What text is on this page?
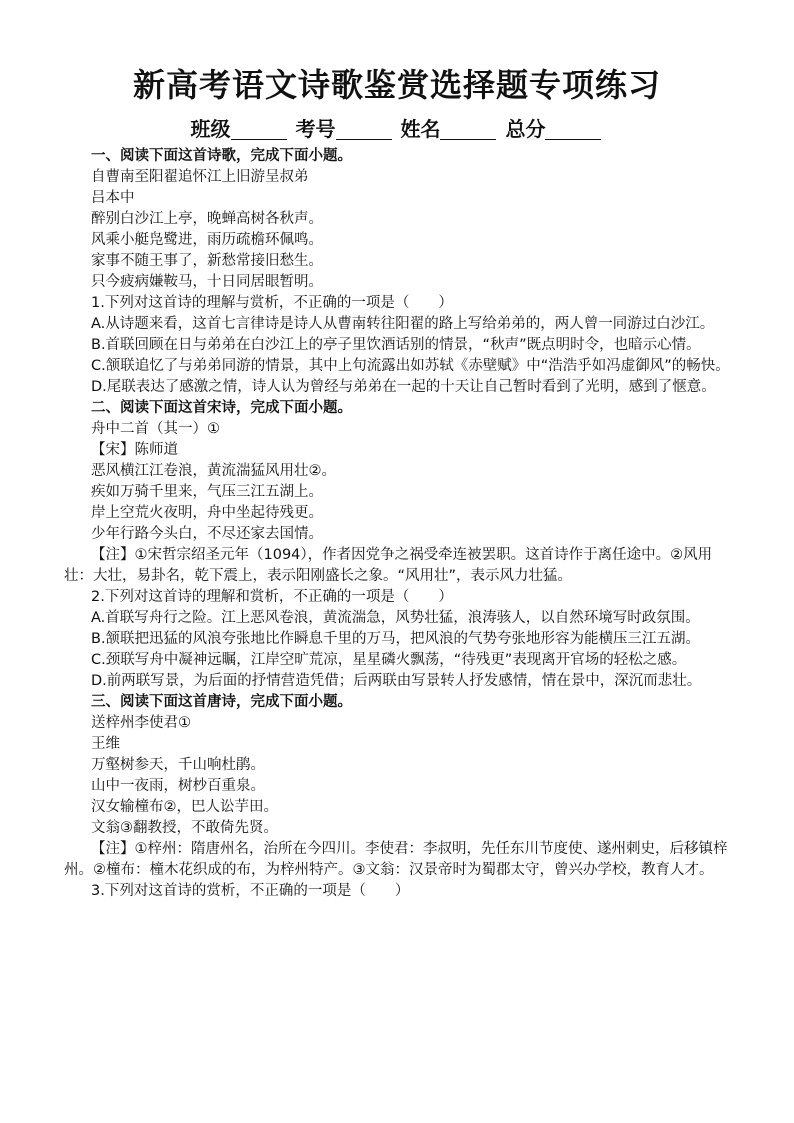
新高考语文诗歌鉴赏选择题专项练习
班级	考号	姓名	总分
一、阅读下面这首诗歌，完成下面小题。
自曹南至阳翟追怀江上旧游呈叔弟
吕本中
醉别白沙江上亭，晚蝉高树各秋声。
风乘小艇凫鹭进，雨历疏檐环佩鸣。
家事不随王事了，新愁常接旧愁生。
只今疲病嫌鞍马，十日同居眼暂明。
1.下列对这首诗的理解与赏析，不正确的一项是（　　）
A.从诗题来看，这首七言律诗是诗人从曹南转往阳翟的路上写给弟弟的，两人曾一同游过白沙江。
B.首联回顾在日与弟弟在白沙江上的亭子里饮酒话别的情景，“秋声”既点明时令，也暗示心情。
C.颔联追忆了与弟弟同游的情景，其中上句流露出如苏轼《赤壁赋》中“浩浩乎如冯虚御风”的畅快。
D.尾联表达了感激之情，诗人认为曾经与弟弟在一起的十天让自己暂时看到了光明，感到了惬意。
二、阅读下面这首宋诗，完成下面小题。
舟中二首（其一）①
【宋】陈师道
恶风横江江卷浪，黄流湍猛风用壮②。
疾如万骑千里来，气压三江五湖上。
岸上空荒火夜明，舟中坐起待残更。
少年行路今头白，不尽还家去国情。
【注】①宋哲宗绍圣元年（1094），作者因党争之祸受牵连被罢职。这首诗作于离任途中。②风用壮：大壮，易卦名，乾下震上，表示阳刚盛长之象。“风用壮”，表示风力壮猛。
2.下列对这首诗的理解和赏析，不正确的一项是（　　）
A.首联写舟行之险。江上恶风卷浪，黄流湍急，风势壮猛，浪涛骇人，以自然环境写时政氛围。
B.颔联把迅猛的风浪夸张地比作瞬息千里的万马，把风浪的气势夸张地形容为能横压三江五湖。
C.颈联写舟中凝神远瞩，江岸空旷荒凉，星星磷火飘荡，“待残更”表现离开官场的轻松之感。
D.前两联写景，为后面的抒情营造凭借；后两联由写景转人抒发感情，情在景中，深沉而悲壮。
三、阅读下面这首唐诗，完成下面小题。
送梓州李使君①
王维
万壑树参天，千山响杜鹃。
山中一夜雨，树杪百重泉。
汉女输橦布②，巴人讼芋田。
文翁③翻教授，不敢倚先贤。
【注】①梓州：隋唐州名，治所在今四川。李使君：李叔明，先任东川节度使、遂州刺史，后移镇梓州。②橦布：橦木花织成的布，为梓州特产。③文翁：汉景帝时为蜀郡太守，曾兴办学校，教育人才。
3.下列对这首诗的赏析，不正确的一项是（　　）
